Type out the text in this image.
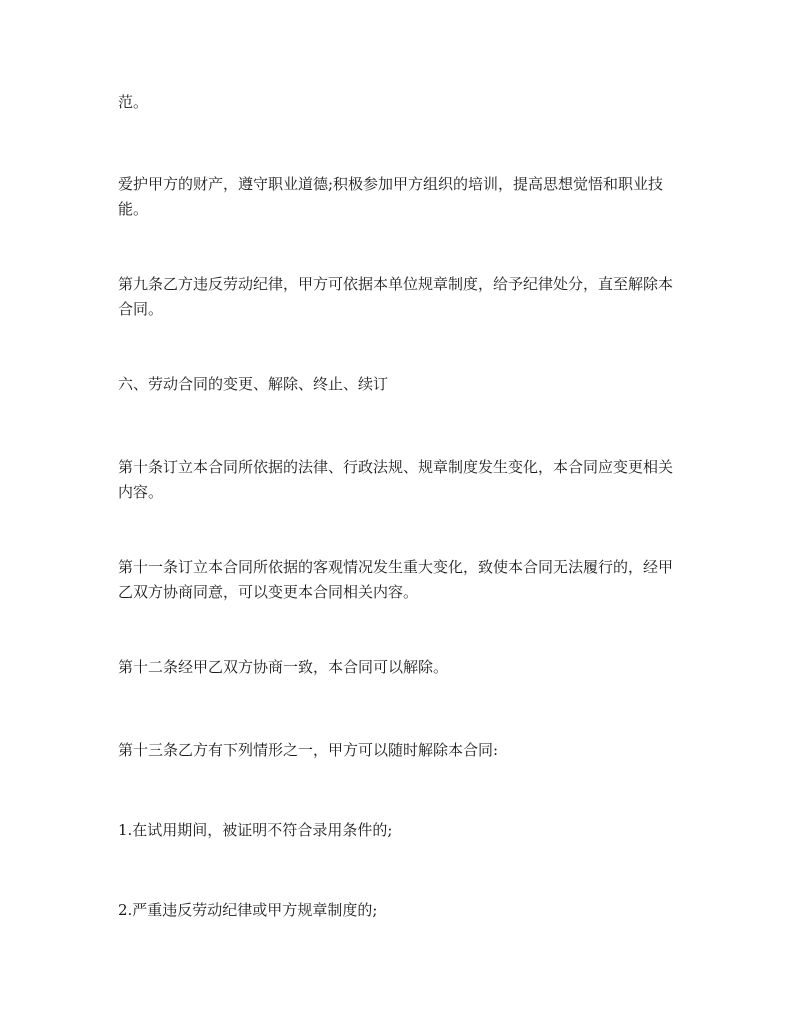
范。

爱护甲方的财产，遵守职业道德;积极参加甲方组织的培训，提高思想觉悟和职业技能。

第九条乙方违反劳动纪律，甲方可依据本单位规章制度，给予纪律处分，直至解除本合同。

六、劳动合同的变更、解除、终止、续订

第十条订立本合同所依据的法律、行政法规、规章制度发生变化，本合同应变更相关内容。

第十一条订立本合同所依据的客观情况发生重大变化，致使本合同无法履行的，经甲乙双方协商同意，可以变更本合同相关内容。

第十二条经甲乙双方协商一致，本合同可以解除。

第十三条乙方有下列情形之一，甲方可以随时解除本合同:

1.在试用期间，被证明不符合录用条件的;

2.严重违反劳动纪律或甲方规章制度的;
